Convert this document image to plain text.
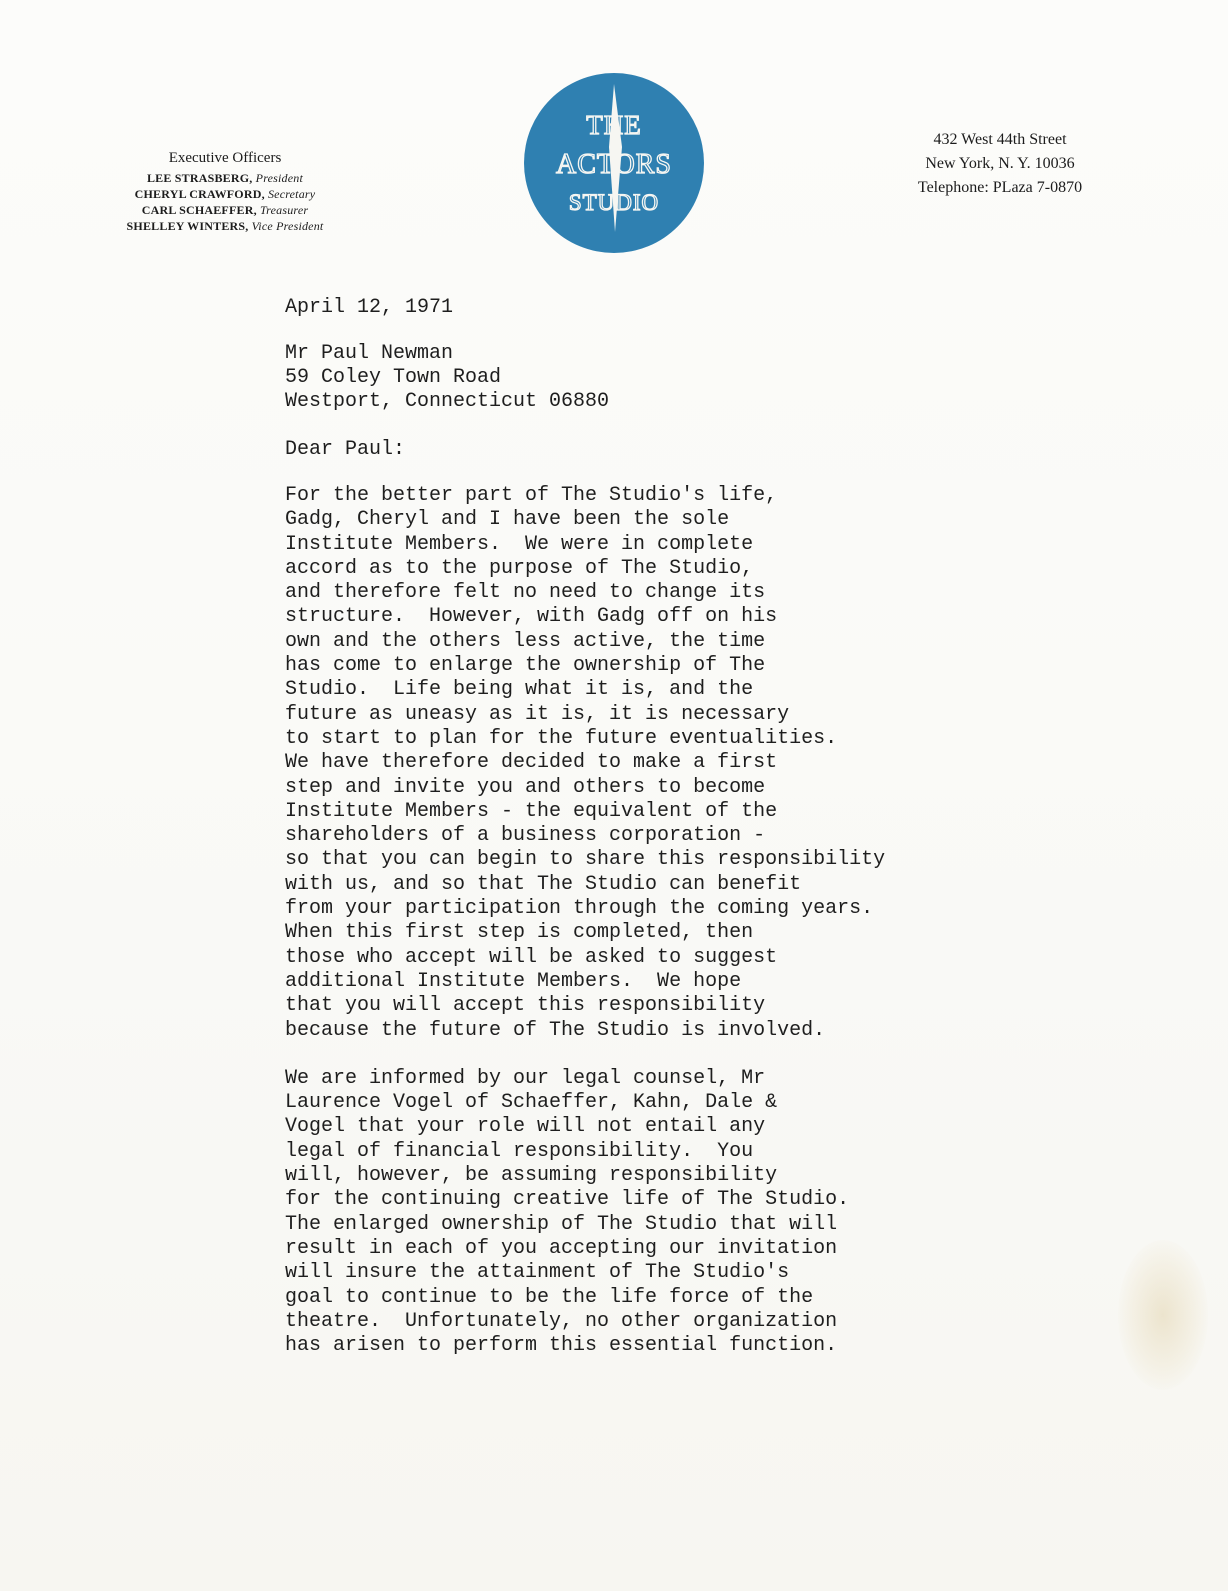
Executive Officers
LEE STRASBERG, President
CHERYL CRAWFORD, Secretary
CARL SCHAEFFER, Treasurer
SHELLEY WINTERS, Vice President
THE
ACTORS
STUDIO
432 West 44th Street
New York, N. Y. 10036
Telephone: PLaza 7-0870
April 12, 1971
Mr Paul Newman
59 Coley Town Road
Westport, Connecticut 06880
Dear Paul:
For the better part of The Studio's life,
Gadg, Cheryl and I have been the sole
Institute Members.  We were in complete
accord as to the purpose of The Studio,
and therefore felt no need to change its
structure.  However, with Gadg off on his
own and the others less active, the time
has come to enlarge the ownership of The
Studio.  Life being what it is, and the
future as uneasy as it is, it is necessary
to start to plan for the future eventualities.
We have therefore decided to make a first
step and invite you and others to become
Institute Members - the equivalent of the
shareholders of a business corporation -
so that you can begin to share this responsibility
with us, and so that The Studio can benefit
from your participation through the coming years.
When this first step is completed, then
those who accept will be asked to suggest
additional Institute Members.  We hope
that you will accept this responsibility
because the future of The Studio is involved.
We are informed by our legal counsel, Mr
Laurence Vogel of Schaeffer, Kahn, Dale &
Vogel that your role will not entail any
legal of financial responsibility.  You
will, however, be assuming responsibility
for the continuing creative life of The Studio.
The enlarged ownership of The Studio that will
result in each of you accepting our invitation
will insure the attainment of The Studio's
goal to continue to be the life force of the
theatre.  Unfortunately, no other organization
has arisen to perform this essential function.
